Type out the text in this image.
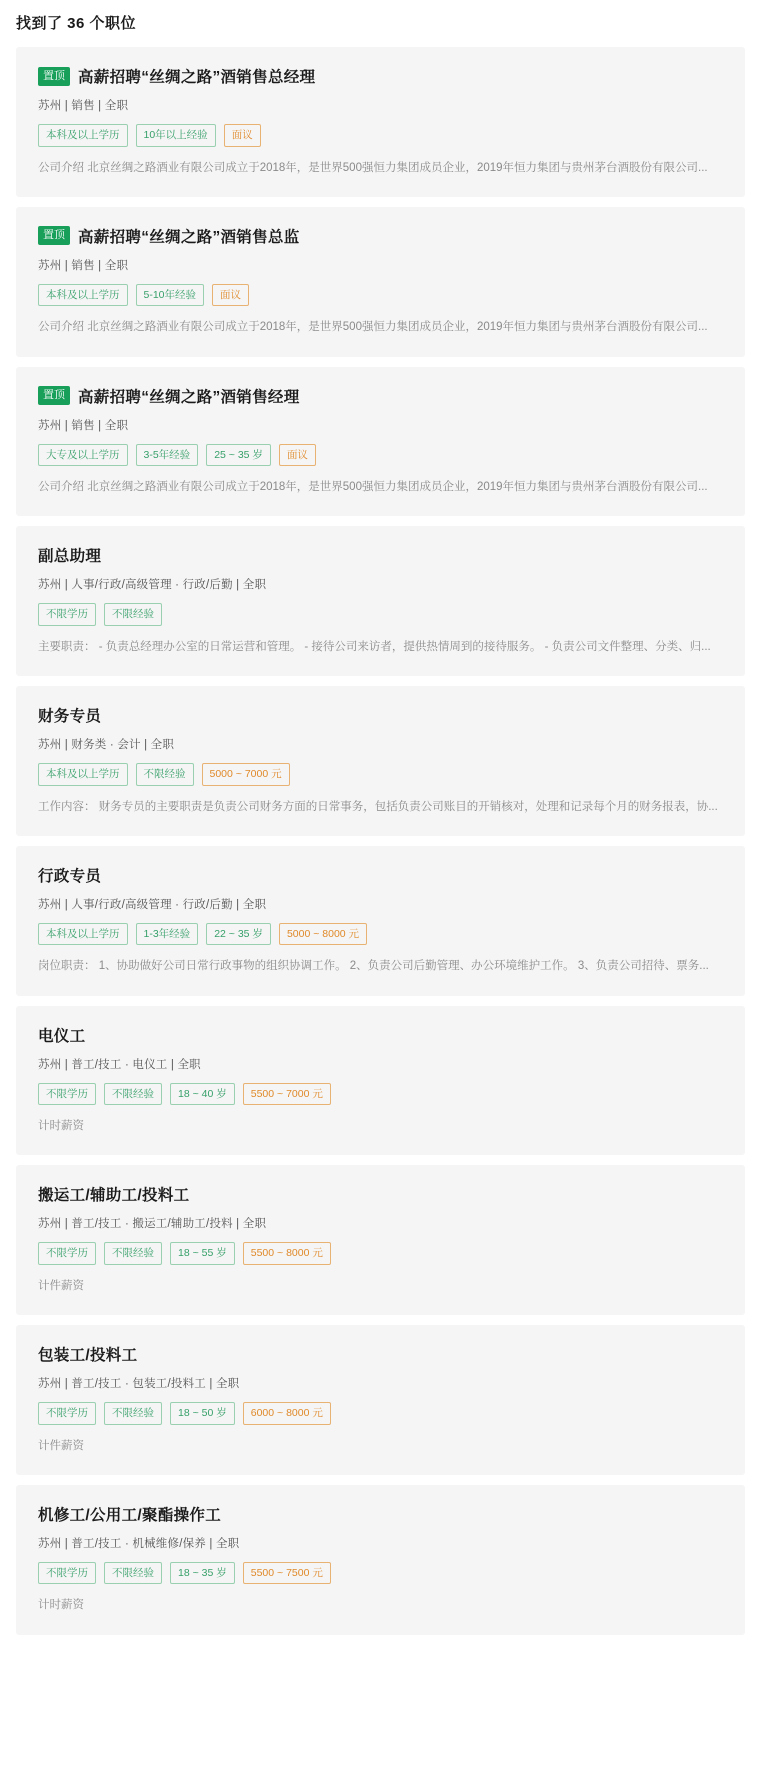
找到了 36 个职位
置顶 高薪招聘“丝绸之路”酒销售总经理
苏州 | 销售 | 全职
本科及以上学历	10年以上经验	面议
公司介绍 北京丝绸之路酒业有限公司成立于2018年，是世界500强恒力集团成员企业，2019年恒力集团与贵州茅台酒股份有限公司...
置顶 高薪招聘“丝绸之路”酒销售总监
苏州 | 销售 | 全职
本科及以上学历	5-10年经验	面议
公司介绍 北京丝绸之路酒业有限公司成立于2018年，是世界500强恒力集团成员企业，2019年恒力集团与贵州茅台酒股份有限公司...
置顶 高薪招聘“丝绸之路”酒销售经理
苏州 | 销售 | 全职
大专及以上学历	3-5年经验	25 ~ 35 岁	面议
公司介绍 北京丝绸之路酒业有限公司成立于2018年，是世界500强恒力集团成员企业，2019年恒力集团与贵州茅台酒股份有限公司...
副总助理
苏州 | 人事/行政/高级管理 · 行政/后勤 | 全职
不限学历	不限经验
主要职责： - 负责总经理办公室的日常运营和管理。 - 接待公司来访者，提供热情周到的接待服务。 - 负责公司文件整理、分类、归...
财务专员
苏州 | 财务类 · 会计 | 全职
本科及以上学历	不限经验	5000 ~ 7000 元
工作内容： 财务专员的主要职责是负责公司财务方面的日常事务，包括负责公司账目的开销核对，处理和记录每个月的财务报表，协...
行政专员
苏州 | 人事/行政/高级管理 · 行政/后勤 | 全职
本科及以上学历	1-3年经验	22 ~ 35 岁	5000 ~ 8000 元
岗位职责： 1、协助做好公司日常行政事物的组织协调工作。 2、负责公司后勤管理、办公环境维护工作。 3、负责公司招待、票务...
电仪工
苏州 | 普工/技工 · 电仪工 | 全职
不限学历	不限经验	18 ~ 40 岁	5500 ~ 7000 元
计时薪资
搬运工/辅助工/投料工
苏州 | 普工/技工 · 搬运工/辅助工/投料 | 全职
不限学历	不限经验	18 ~ 55 岁	5500 ~ 8000 元
计件薪资
包装工/投料工
苏州 | 普工/技工 · 包装工/投料工 | 全职
不限学历	不限经验	18 ~ 50 岁	6000 ~ 8000 元
计件薪资
机修工/公用工/聚酯操作工
苏州 | 普工/技工 · 机械维修/保养 | 全职
不限学历	不限经验	18 ~ 35 岁	5500 ~ 7500 元
计时薪资
